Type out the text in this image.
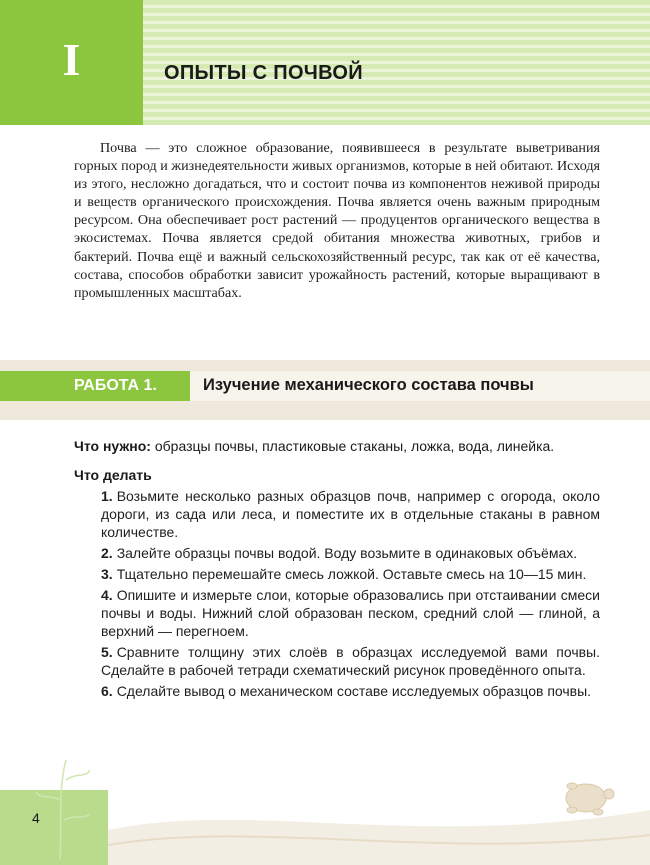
I	ОПЫТЫ С ПОЧВОЙ

Почва — это сложное образование, появившееся в результате выветривания горных пород и жизнедеятельности живых организмов, которые в ней обитают. Исходя из этого, несложно догадаться, что и состоит почва из компонентов неживой природы и веществ органического происхождения. Почва является очень важным природным ресурсом. Она обеспечивает рост растений — продуцентов органического вещества в экосистемах. Почва является средой обитания множества животных, грибов и бактерий. Почва ещё и важный сельскохозяйственный ресурс, так как от её качества, состава, способов обработки зависит урожайность растений, которые выращивают в промышленных масштабах.

РАБОТА 1.	Изучение механического состава почвы
Что нужно: образцы почвы, пластиковые стаканы, ложка, вода, линейка.
Что делать

1. Возьмите несколько разных образцов почв, например с огорода, около дороги, из сада или леса, и поместите их в отдельные стаканы в равном количестве.

2. Залейте образцы почвы водой. Воду возьмите в одинаковых объёмах.

3. Тщательно перемешайте смесь ложкой. Оставьте смесь на 10—15 мин.

4. Опишите и измерьте слои, которые образовались при отстаивании смеси почвы и воды. Нижний слой образован песком, средний слой — глиной, а верхний — перегноем.

5. Сравните толщину этих слоёв в образцах исследуемой вами почвы. Сделайте в рабочей тетради схематический рисунок проведённого опыта.

6. Сделайте вывод о механическом составе исследуемых образцов почвы.

4
